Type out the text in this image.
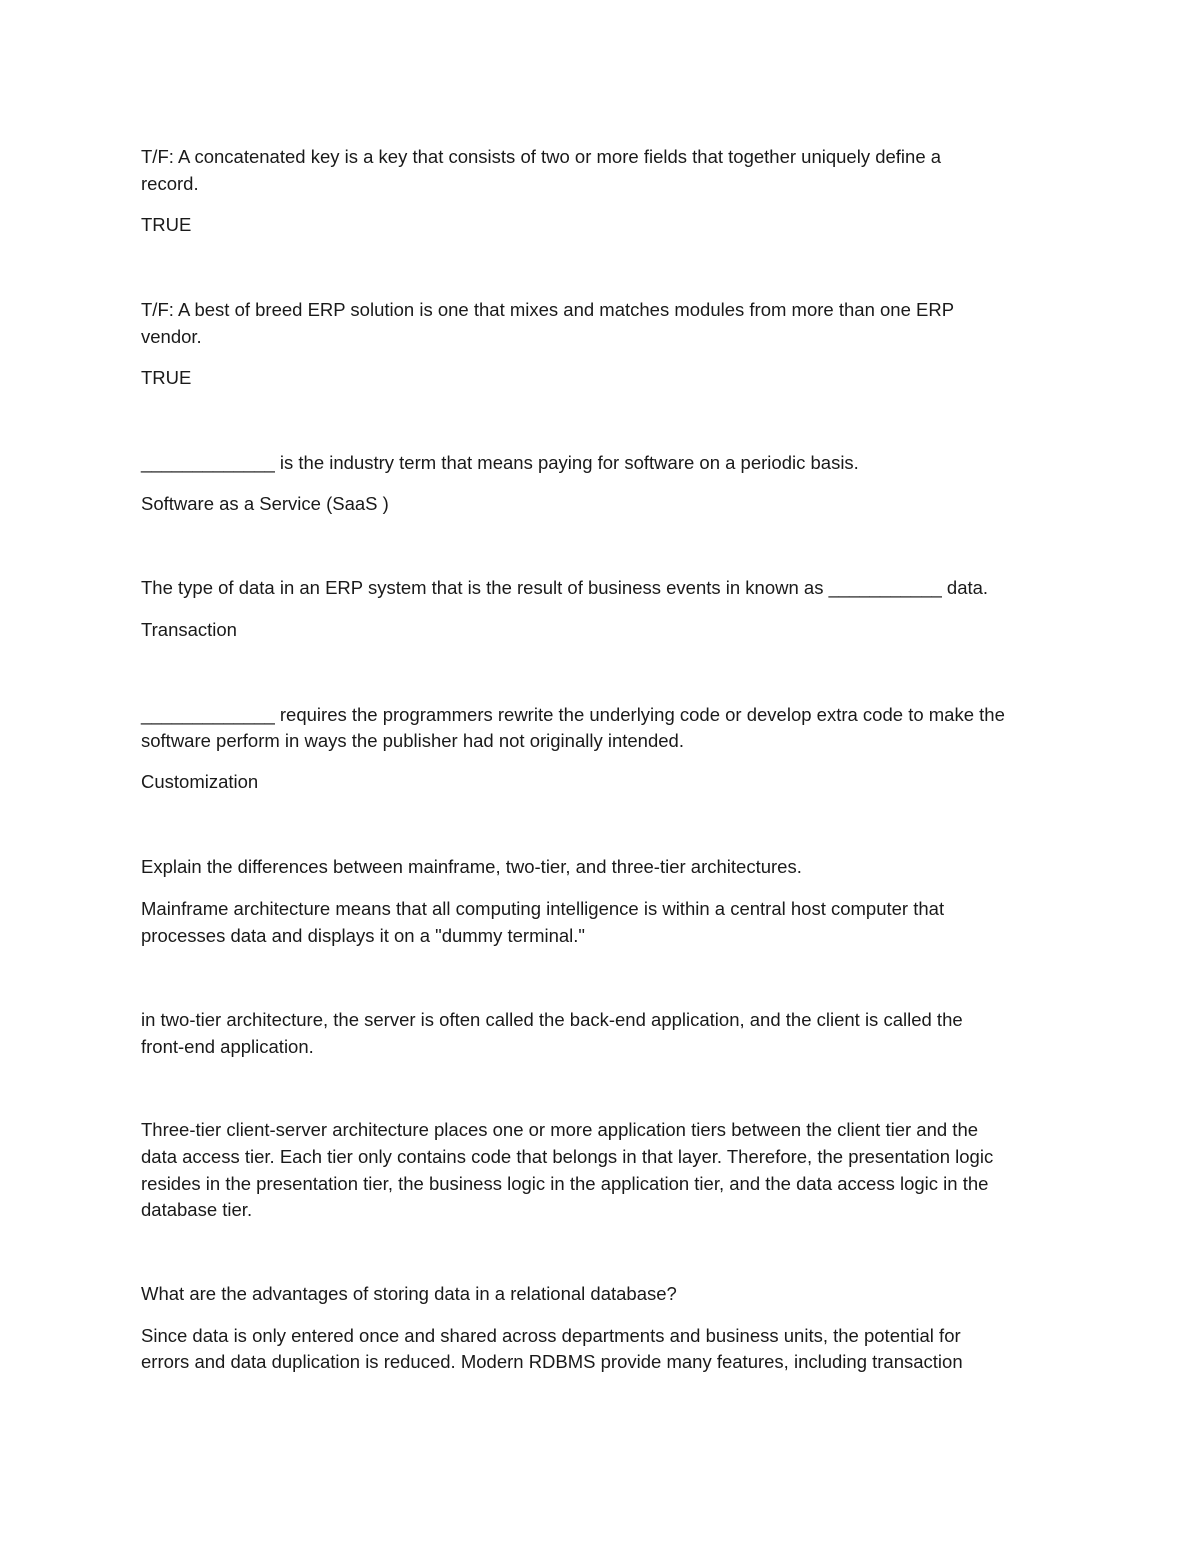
T/F: A concatenated key is a key that consists of two or more fields that together uniquely define a

record.

TRUE

T/F: A best of breed ERP solution is one that mixes and matches modules from more than one ERP

vendor.

TRUE

_____________ is the industry term that means paying for software on a periodic basis.

Software as a Service (SaaS )

The type of data in an ERP system that is the result of business events in known as ___________ data.

Transaction

_____________ requires the programmers rewrite the underlying code or develop extra code to make the

software perform in ways the publisher had not originally intended.

Customization

Explain the differences between mainframe, two-tier, and three-tier architectures.

Mainframe architecture means that all computing intelligence is within a central host computer that

processes data and displays it on a "dummy terminal."

in two-tier architecture, the server is often called the back-end application, and the client is called the

front-end application.

Three-tier client-server architecture places one or more application tiers between the client tier and the

data access tier. Each tier only contains code that belongs in that layer. Therefore, the presentation logic

resides in the presentation tier, the business logic in the application tier, and the data access logic in the

database tier.

What are the advantages of storing data in a relational database?

Since data is only entered once and shared across departments and business units, the potential for

errors and data duplication is reduced. Modern RDBMS provide many features, including transaction
